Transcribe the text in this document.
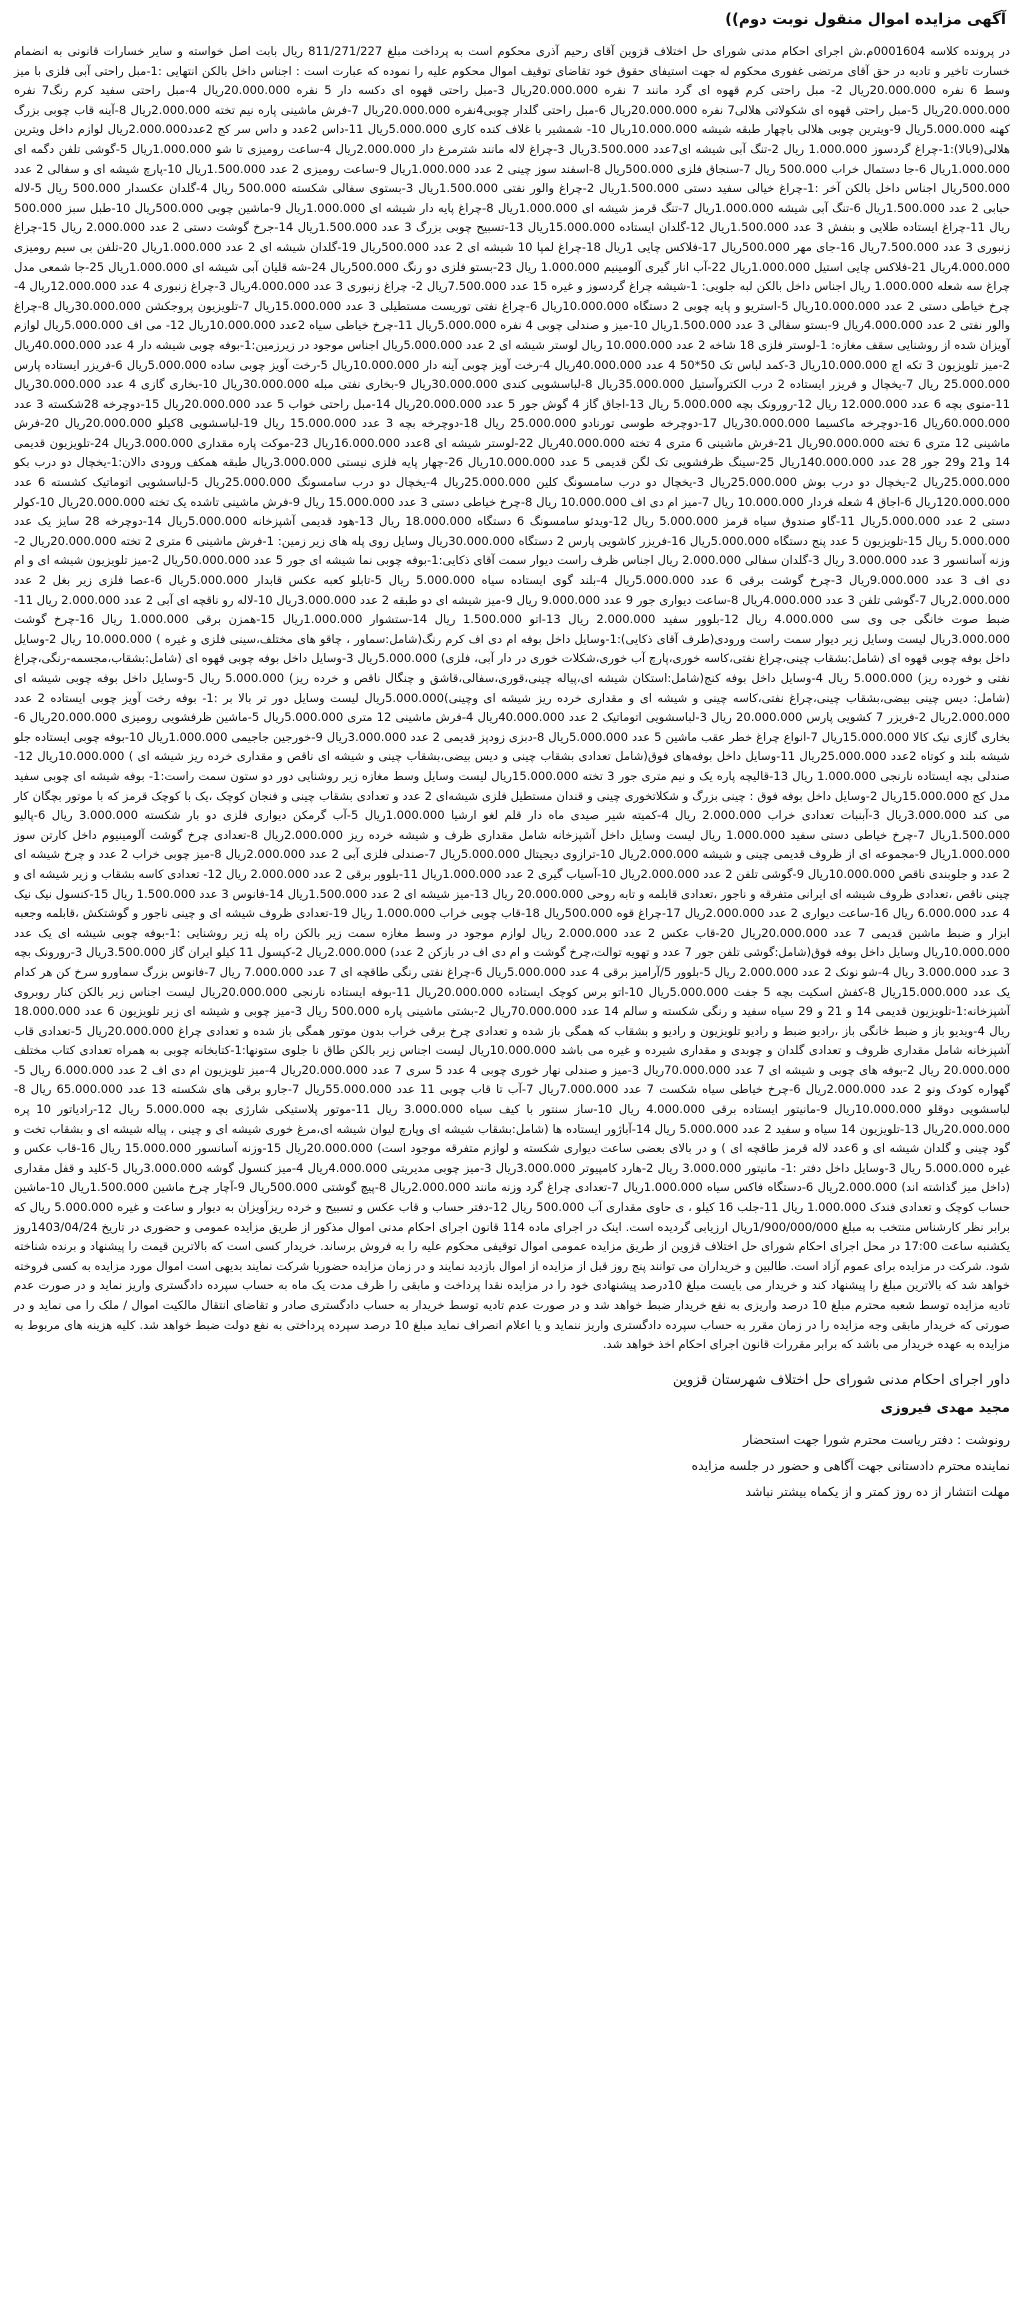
آگهی مزایده اموال منقول نوبت دوم))

در پرونده کلاسه 0001604م.ش اجرای احکام مدنی شورای حل اختلاف قزوین آقای رحیم آذری محکوم است به پرداخت مبلغ 811/271/227 ریال بابت اصل خواسته و سایر خسارات قانونی به انضمام خسارت تاخیر و تادیه در حق آقای مرتضی غفوری محکوم له جهت استیفای حقوق خود تقاضای توقیف اموال محکوم علیه را نموده که عبارت است : اجناس داخل بالکن انتهایی :1-مبل راحتی آبی فلزی با میز وسط 6 نفره 20.000.000ریال 2- مبل راحتی کرم قهوه ای گرد مانند 7 نفره 20.000.000ریال 3-مبل راحتی قهوه ای دکسه دار 5 نفره 20.000.000ریال 4-مبل راحتی سفید کرم رنگ7 نفره 20.000.000ریال 5-مبل راحتی قهوه ای شکولاتی هلالی7 نفره 20.000.000ریال 6-مبل راحتی گلدار چوبی4نفره 20.000.000ریال 7-فرش ماشینی پاره نیم تخته 2.000.000ریال 8-آینه قاب چوبی بزرگ کهنه 5.000.000ریال 9-ویترین چوبی هلالی باچهار طبقه شیشه 10.000.000ریال 10- شمشیر با غلاف کنده کاری 5.000.000ریال 11-داس 2عدد و داس سر کج 2عدد2.000.000ریال لوازم داخل ویترین هلالی(9بالا):1-چراغ گردسوز 1.000.000 ریال 2-تنگ آبی شیشه ای7عدد 3.500.000ریال 3-چراغ لاله مانند شترمرغ دار 2.000.000ریال 4-ساعت رومیزی تا شو 1.000.000ریال 5-گوشی تلفن دگمه ای 1.000.000ریال 6-جا دستمال خراب 500.000 ریال 7-سنجاق فلزی 500.000ریال 8-اسفند سوز چینی 2 عدد 1.000.000ریال 9-ساعت رومیزی 2 عدد 1.500.000ریال 10-پارچ شیشه ای و سفالی 2 عدد 500.000ریال اجناس داخل بالکن آخر :1-چراغ خیالی سفید دستی 1.500.000ریال 2-چراغ والور نفتی 1.500.000ریال 3-بستوی سفالی شکسته 500.000 ریال 4-گلدان عکسدار 500.000 ریال 5-لاله حبابی 2 عدد 1.500.000ریال 6-تنگ آبی شیشه 1.000.000ریال 7-تنگ قرمز شیشه ای 1.000.000ریال 8-چراغ پایه دار شیشه ای 1.000.000ریال 9-ماشین چوبی 500.000ریال 10-طبل سبز 500.000 ریال 11-چراغ ایستاده طلایی و بنفش 3 عدد 1.500.000ریال 12-گلدان ایستاده 15.000.000ریال 13-تسبیح چوبی بزرگ 3 عدد 1.500.000ریال 14-جرخ گوشت دستی 2 عدد 2.000.000 ریال 15-چراغ زنبوری 3 عدد 7.500.000ریال 16-جای مهر 500.000ریال 17-فلاکس چایی 1ریال 18-چراغ لمپا 10 شیشه ای 2 عدد 500.000ریال 19-گلدان شیشه ای 2 عدد 1.000.000ریال 20-تلفن بی سیم رومیزی 4.000.000ریال 21-فلاکس چایی استیل 1.000.000ریال 22-آب انار گیری آلومینیم 1.000.000 ریال 23-بستو فلزی دو رنگ 500.000ریال 24-شه قلیان آبی شیشه ای 1.000.000ریال 25-جا شمعی مدل چراغ سه شعله 1.000.000 ریال اجناس داخل بالکن لبه جلویی: 1-شیشه چراغ گردسوز و غیره 15 عدد 7.500.000ریال 2- چراغ زنبوری 3 عدد 4.000.000ریال 3-چراغ زنبوری 4 عدد 12.000.000ریال 4-چرخ خیاطی دستی 2 عدد 10.000.000ریال 5-استریو و پایه چوبی 2 دستگاه 10.000.000ریال 6-چراغ نفتی توریست مستطیلی 3 عدد 15.000.000ریال 7-تلویزیون پروجکشن 30.000.000ریال 8-چراغ والور نفتی 2 عدد 4.000.000ریال 9-بستو سفالی 3 عدد 1.500.000ریال 10-میز و صندلی چوبی 4 نفره 5.000.000ریال 11-چرخ خیاطی سیاه 2عدد 10.000.000ریال 12- می اف 5.000.000ریال لوازم آویزان شده از روشنایی سقف مغازه: 1-لوستر فلزی 18 شاخه 2 عدد 10.000.000 ریال لوستر شیشه ای 2 عدد 5.000.000ریال اجناس موجود در زیرزمین:1-بوفه چوبی شیشه دار 4 عدد 40.000.000ریال 2-میز تلویزیون 3 تکه اچ 10.000.000ریال 3-کمد لباس تک 50*50 4 عدد 40.000.000ریال 4-رخت آویز چوبی آینه دار 10.000.000ریال 5-رخت آویز چوبی ساده 5.000.000ریال 6-فریزر ایستاده پارس 25.000.000 ریال 7-یخچال و فریزر ایستاده 2 درب الکتروآستیل 35.000.000ریال 8-لباسشویی کندی 30.000.000ریال 9-بخاری نفتی مبله 30.000.000ریال 10-بخاری گازی 4 عدد 30.000.000ریال 11-منوی بچه 6 عدد 12.000.000 ریال 12-رورونک بچه 5.000.000 ریال 13-اجاق گاز 4 گوش جور 5 عدد 20.000.000ریال 14-مبل راحتی خواب 5 عدد 20.000.000ریال 15-دوچرخه 28شکسته 3 عدد 60.000.000ریال 16-دوچرخه ماکسیما 30.000.000ریال 17-دوچرخه طوسی تورنادو 25.000.000 ریال 18-دوچرخه بچه 3 عدد 15.000.000 ریال 19-لباسشویی 8کیلو 20.000.000ریال 20-فرش ماشینی 12 متری 6 تخته 90.000.000ریال 21-فرش ماشینی 6 متری 4 تخته 40.000.000ریال 22-لوستر شیشه ای 8عدد 16.000.000ریال 23-موکت پاره مقداری 3.000.000ریال 24-تلویزیون قدیمی 14 و21 و29 جور 28 عدد 140.000.000ریال 25-سینگ ظرفشویی تک لگن قدیمی 5 عدد 10.000.000ریال 26-چهار پایه فلزی نیستی 3.000.000ریال طبقه همکف ورودی دالان:1-یخچال دو درب بکو 25.000.000ریال 2-یخچال دو درب بوش 25.000.000ریال 3-یخچال دو درب سامسونگ کلین 25.000.000ریال 4-یخچال دو درب سامسونگ 25.000.000ریال 5-لباسشویی اتوماتیک کشسته 6 عدد 120.000.000ریال 6-اجاق 4 شعله فردار 10.000.000 ریال 7-میز ام دی اف 10.000.000 ریال 8-چرخ خیاطی دستی 3 عدد 15.000.000 ریال 9-فرش ماشینی تاشده یک تخته 20.000.000ریال 10-کولر دستی 2 عدد 5.000.000ریال 11-گاو صندوق سیاه قرمز 5.000.000 ریال 12-ویدئو سامسونگ 6 دستگاه 18.000.000 ریال 13-هود قدیمی آشپزخانه 5.000.000ریال 14-دوچرخه 28 سایز یک عدد 5.000.000 ریال 15-تلویزیون 5 عدد پنج دستگاه 5.000.000ریال 16-فریزر کاشویی پارس 2 دستگاه 30.000.000ریال وسایل روی پله های زیر زمین: 1-فرش ماشینی 6 متری 2 تخته 20.000.000ریال 2-وزنه آسانسور 3 عدد 3.000.000 ریال 3-گلدان سفالی 2.000.000 ریال اجناس ظرف راست دیوار سمت آقای ذکایی:1-بوفه چوبی نما شیشه ای جور 5 عدد 50.000.000ریال 2-میز تلویزیون شیشه ای و ام دی اف 3 عدد 9.000.000ریال 3-چرخ گوشت برقی 6 عدد 5.000.000ریال 4-بلند گوی ایستاده سیاه 5.000.000 ریال 5-تابلو کعبه عکس قابدار 5.000.000ریال 6-عصا فلزی زیر بغل 2 عدد 2.000.000ریال 7-گوشی تلفن 3 عدد 4.000.000ریال 8-ساعت دیواری جور 9 عدد 9.000.000 ریال 9-میز شیشه ای دو طبقه 2 عدد 3.000.000ریال 10-لاله رو ناقچه ای آبی 2 عدد 2.000.000 ریال 11-ضبط صوت خانگی جی وی سی 4.000.000 ریال 12-بلوور سفید 2.000.000 ریال 13-اتو 1.500.000 ریال 14-ستشوار 1.000.000ریال 15-همزن برقی 1.000.000 ریال 16-چرخ گوشت 3.000.000ریال لیست وسایل زیر دیوار سمت راست ورودی(طرف آقای ذکایی):1-وسایل داخل بوفه ام دی اف کرم رنگ(شامل:سماور ، چاقو های مختلف،سینی فلزی و غیره ) 10.000.000 ریال 2-وسایل داخل بوفه چوبی قهوه ای (شامل:بشقاب چینی،چراغ نفتی،کاسه خوری،پارچ آب خوری،شکلات خوری در دار آبی، فلزی) 5.000.000ریال 3-وسایل داخل بوفه چوبی قهوه ای (شامل:بشقاب،مجسمه-رنگی،چراغ نفتی و خورده ریز) 5.000.000 ریال 4-وسایل داخل بوفه کنج(شامل:استکان شیشه ای،پیاله چینی،قوری،سفالی،قاشق و چنگال ناقص و خرده ریز) 5.000.000 ریال 5-وسایل داخل بوفه چوبی شیشه ای (شامل: دیس چینی بیضی،بشقاب چینی،چراغ نفتی،کاسه چینی و شیشه ای و مقداری خرده ریز شیشه ای وچینی)5.000.000ریال لیست وسایل دور تر بالا بر :1- بوفه رخت آویز چوبی ایستاده 2 عدد 2.000.000ریال 2-فریزر 7 کشویی پارس 20.000.000 ریال 3-لباسشویی اتوماتیک 2 عدد 40.000.000ریال 4-فرش ماشینی 12 متری 5.000.000ریال 5-ماشین ظرفشویی رومیزی 20.000.000ریال 6-بخاری گازی نیک کالا 15.000.000ریال 7-انواع چراغ خطر عقب ماشین 5 عدد 5.000.000ریال 8-دبزی زودپز قدیمی 2 عدد 3.000.000ریال 9-خورجین جاجیمی 1.000.000ریال 10-بوفه چوبی ایستاده جلو شیشه بلند و کوتاه 2عدد 25.000.000ریال 11-وسایل داخل بوفه‌های فوق(شامل تعدادی بشقاب چینی و دیس بیضی،بشقاب چینی و شیشه ای ناقص و مقداری خرده ریز شیشه ای ) 10.000.000ریال 12-صندلی بچه ایستاده نارنجی 1.000.000 ریال 13-قالیچه پاره یک و نیم متری جور 3 تخته 15.000.000ریال لیست وسایل وسط مغازه زیر روشنایی دور دو ستون سمت راست:1- بوفه شیشه ای چوبی سفید مدل کج 15.000.000ریال 2-وسایل داخل بوفه فوق : چینی بزرگ و شکلاتخوری چینی و قندان مستطیل فلزی شیشه‌ای 2 عدد و تعدادی بشقاب چینی و فنجان کوچک ،یک با کوچک قرمز که با موتور بچگان کار می کند 3.000.000ریال 3-آبنبات تعدادی خراب 2.000.000 ریال 4-کمیته شیر صیدی ماه دار قلم لغو ارشیا 1.000.000ریال 5-آب گرمکن دیواری فلزی دو بار شکسته 3.000.000 ریال 6-پالیو 1.500.000ریال 7-چرخ خیاطی دستی سفید 1.000.000 ریال لیست وسایل داخل آشپزخانه شامل مقداری ظرف و شیشه خرده ریز 2.000.000ریال 8-تعدادی چرخ گوشت آلومینیوم داخل کارتن سوز 1.000.000ریال 9-مجموعه ای از ظروف قدیمی چینی و شیشه 2.000.000ریال 10-ترازوی دیجیتال 5.000.000ریال 7-صندلی فلزی آبی 2 عدد 2.000.000ریال 8-میز چوبی خراب 2 عدد و چرخ شیشه ای 2 عدد و جلوبندی ناقص 10.000.000ریال 9-گوشی تلفن 2 عدد 2.000.000ریال 10-آسیاب گیری 2 عدد 1.000.000ریال 11-بلوور برقی 2 عدد 2.000.000 ریال 12- تعدادی کاسه بشقاب و زیر شیشه ای و چینی ناقص ،تعدادی ظروف شیشه ای ایرانی متفرقه و ناجور ،تعدادی قابلمه و تابه روحی 20.000.000 ریال 13-میز شیشه ای 2 عدد 1.500.000ریال 14-فانوس 3 عدد 1.500.000 ریال 15-کنسول نیک نیک 4 عدد 6.000.000 ریال 16-ساعت دیواری 2 عدد 2.000.000ریال 17-چراغ قوه 500.000ریال 18-قاب چوبی خراب 1.000.000 ریال 19-تعدادی ظروف شیشه ای و چینی ناجور و گوشتکش ،قابلمه وجعبه ابزار و ضبط ماشین قدیمی 7 عدد 20.000.000ریال 20-قاب عکس 2 عدد 2.000.000 ریال لوازم موجود در وسط مغازه سمت زیر بالکن راه پله زیر روشنایی :1-بوفه چوبی شیشه ای یک عدد 10.000.000ریال وسایل داخل بوفه فوق(شامل:گوشی تلفن جور 7 عدد و تهویه توالت،چرخ گوشت و ام دی اف در بازکن 2 عدد) 2.000.000ریال 2-کپسول 11 کیلو ایران گاز 3.500.000ریال 3-رورونک بچه 3 عدد 3.000.000 ریال 4-شو نونک 2 عدد 2.000.000 ریال 5-بلوور 5/آرامیز برقی 4 عدد 5.000.000ریال 6-چراغ نفتی رنگی طاقچه ای 7 عدد 7.000.000 ریال 7-فانوس بزرگ سماورو سرخ کن هر کدام یک عدد 15.000.000ریال 8-کفش اسکیت بچه 5 جفت 5.000.000ریال 10-اتو برس کوچک ایستاده 20.000.000ریال 11-بوفه ایستاده نارنجی 20.000.000ریال لیست اجناس زیر بالکن کنار روبروی آشپزخانه:1-تلویزیون قدیمی 14 و 21 و 29 سیاه سفید و رنگی شکسته و سالم 14 عدد 70.000.000ریال 2-بشتی ماشینی پاره 500.000 ریال 3-میز چوبی و شیشه ای زیر تلویزیون 6 عدد 18.000.000 ریال 4-ویدیو باز و ضبط خانگی باز ،رادیو ضبط و رادیو تلویزیون و رادیو و بشقاب که همگی باز شده و تعدادی چرخ برقی خراب بدون موتور همگی باز شده و تعدادی چراغ 20.000.000ریال 5-تعدادی قاب آشپزخانه شامل مقداری ظروف و تعدادی گلدان و چوبدی و مقداری شیرده و غیره می باشد 10.000.000ریال لیست اجناس زیر بالکن طاق نا جلوی ستونها:1-کتابخانه چوبی به همراه تعدادی کتاب مختلف 20.000.000 ریال 2-بوفه های چوبی و شیشه ای 7 عدد 70.000.000ریال 3-میز و صندلی نهار خوری چوبی 4 عدد 5 سری 7 عدد 20.000.000ریال 4-میز تلویزیون ام دی اف 2 عدد 6.000.000 ریال 5-گهواره کودک ونو 2 عدد 2.000.000ریال 6-چرخ خیاطی سیاه شکست 7 عدد 7.000.000ریال 7-آب تا قاب چوبی 11 عدد 55.000.000ریال 7-جارو برقی های شکسته 13 عدد 65.000.000 ریال 8-لباسشویی دوقلو 10.000.000ریال 9-مانیتور ایستاده برقی 4.000.000 ریال 10-ساز سنتور با کیف سیاه 3.000.000 ریال 11-موتور پلاستیکی شارژی بچه 5.000.000 ریال 12-رادیاتور 10 پره 20.000.000ریال 13-تلویزیون 14 سیاه و سفید 2 عدد 5.000.000 ریال 14-آباژور ایستاده ها (شامل:بشقاب شیشه ای وپارچ لیوان شیشه ای،مرغ خوری شیشه ای و چینی ، پیاله شیشه ای و بشقاب تخت و گود چینی و گلدان شیشه ای و 6عدد لاله قرمز طاقچه ای ) و در بالای بعضی ساعت دیواری شکسته و لوازم متفرقه موجود است) 20.000.000ریال 15-وزنه آسانسور 15.000.000 ریال 16-قاب عکس و غیره 5.000.000 ریال 3-وسایل داخل دفتر :1- مانیتور 3.000.000 ریال 2-هارد کامپیوتر 3.000.000ریال 3-میز چوبی مدیریتی 4.000.000ریال 4-میز کنسول گوشه 3.000.000ریال 5-کلید و قفل مقداری (داخل میز گذاشته اند) 2.000.000ریال 6-دستگاه فاکس سیاه 1.000.000ریال 7-تعدادی چراغ گرد وزنه مانند 2.000.000ریال 8-پیچ گوشتی 500.000ریال 9-آچار چرخ ماشین 1.500.000ریال 10-ماشین حساب کوچک و تعدادی فندک 1.000.000 ریال 11-جلب 16 کیلو ، ی حاوی مقداری آب 500.000 ریال 12-دفتر حساب و قاب عکس و تسبیح و خرده ریزآویزان به دیوار و ساعت و غیره 5.000.000 ریال که برابر نظر کارشناس منتخب به مبلغ 1/900/000/000ریال ارزیابی گردیده است. اینک در اجرای ماده 114 قانون اجرای احکام مدنی اموال مذکور از طریق مزایده عمومی و حضوری در تاریخ 1403/04/24روز یکشنبه ساعت 17:00 در محل اجرای احکام شورای حل اختلاف قزوین از طریق مزایده عمومی اموال توقیفی محکوم علیه را به فروش برساند. خریدار کسی است که بالاترین قیمت را پیشنهاد و برنده شناخته شود. شرکت در مزایده برای عموم آزاد است. طالبین و خریداران می توانند پنج روز قبل از مزایده از اموال بازدید نمایند و در زمان مزایده حضوریا شرکت نمایند بدیهی است اموال مورد مزایده به کسی فروخته خواهد شد که بالاترین مبلغ را پیشنهاد کند و خریدار می بایست مبلغ 10درصد پیشنهادی خود را در مزایده نقدا پرداخت و مابقی را ظرف مدت یک ماه به حساب سپرده دادگستری واریز نماید و در صورت عدم تادیه مزایده توسط شعبه محترم مبلغ 10 درصد واریزی به نفع خریدار ضبط خواهد شد و در صورت عدم تادیه توسط خریدار به حساب دادگستری صادر و تقاضای انتقال مالکیت اموال / ملک را می نماید و در صورتی که خریدار مابقی وجه مزایده را در زمان مقرر به حساب سپرده دادگستری واریز ننماید و یا اعلام انصراف نماید مبلغ 10 درصد سپرده پرداختی به نفع دولت ضبط خواهد شد. کلیه هزینه های مربوط به مزایده به عهده خریدار می باشد که برابر مقررات قانون اجرای احکام اخذ خواهد شد.

داور اجرای احکام مدنی شورای حل اختلاف شهرستان قزوین
مجید مهدی فیروزی
رونوشت : دفتر ریاست محترم شورا جهت استحضار
نماینده محترم دادستانی جهت آگاهی و حضور در جلسه مزایده
مهلت انتشار از ده روز کمتر و از یکماه بیشتر نباشد
